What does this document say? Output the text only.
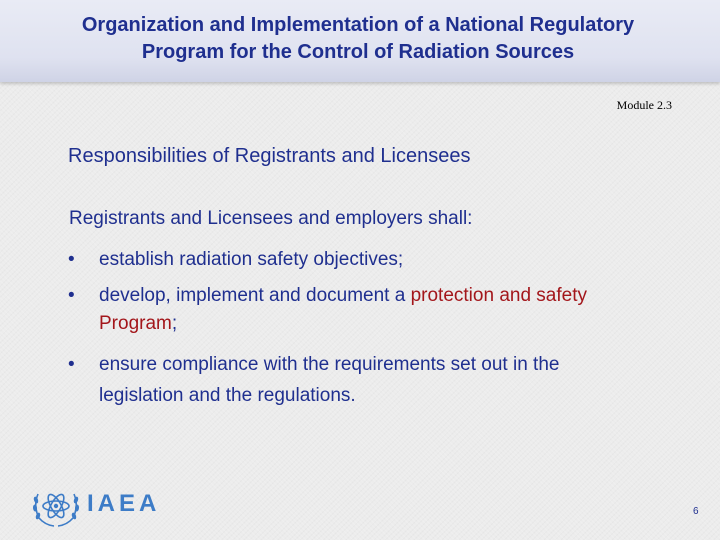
Organization and Implementation of a National Regulatory
Program for the Control of Radiation Sources
Module 2.3
Responsibilities of Registrants and Licensees
Registrants and Licensees and employers shall:
• establish radiation safety objectives;
• develop, implement and document a protection and safety Program;
• ensure compliance with the requirements set out in the legislation and the regulations.
IAEA	6
